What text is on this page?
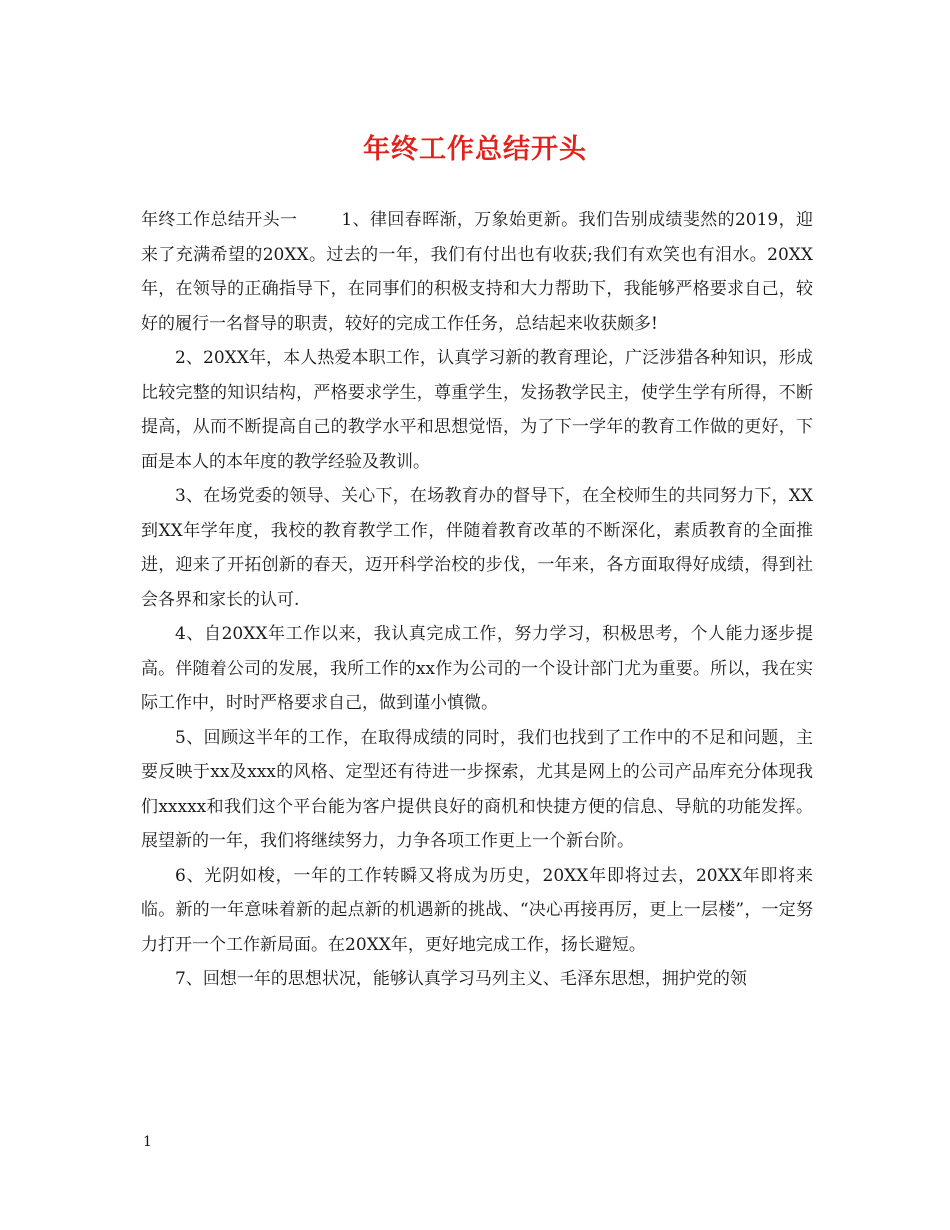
年终工作总结开头

年终工作总结开头一	1、律回春晖渐，万象始更新。我们告别成绩斐然的2019，迎来了充满希望的20XX。过去的一年，我们有付出也有收获;我们有欢笑也有泪水。20XX年，在领导的正确指导下，在同事们的积极支持和大力帮助下，我能够严格要求自己，较好的履行一名督导的职责，较好的完成工作任务，总结起来收获颇多!

2、20XX年，本人热爱本职工作，认真学习新的教育理论，广泛涉猎各种知识，形成比较完整的知识结构，严格要求学生，尊重学生，发扬教学民主，使学生学有所得，不断提高，从而不断提高自己的教学水平和思想觉悟，为了下一学年的教育工作做的更好，下面是本人的本年度的教学经验及教训。

3、在场党委的领导、关心下，在场教育办的督导下，在全校师生的共同努力下，XX到XX年学年度，我校的教育教学工作，伴随着教育改革的不断深化，素质教育的全面推进，迎来了开拓创新的春天，迈开科学治校的步伐，一年来，各方面取得好成绩，得到社会各界和家长的认可.

4、自20XX年工作以来，我认真完成工作，努力学习，积极思考，个人能力逐步提高。伴随着公司的发展，我所工作的xx作为公司的一个设计部门尤为重要。所以，我在实际工作中，时时严格要求自己，做到谨小慎微。

5、回顾这半年的工作，在取得成绩的同时，我们也找到了工作中的不足和问题，主要反映于xx及xxx的风格、定型还有待进一步探索，尤其是网上的公司产品库充分体现我们xxxxx和我们这个平台能为客户提供良好的商机和快捷方便的信息、导航的功能发挥。展望新的一年，我们将继续努力，力争各项工作更上一个新台阶。

6、光阴如梭，一年的工作转瞬又将成为历史，20XX年即将过去，20XX年即将来临。新的一年意味着新的起点新的机遇新的挑战、“决心再接再厉，更上一层楼”，一定努力打开一个工作新局面。在20XX年，更好地完成工作，扬长避短。

7、回想一年的思想状况，能够认真学习马列主义、毛泽东思想，拥护党的领

1
